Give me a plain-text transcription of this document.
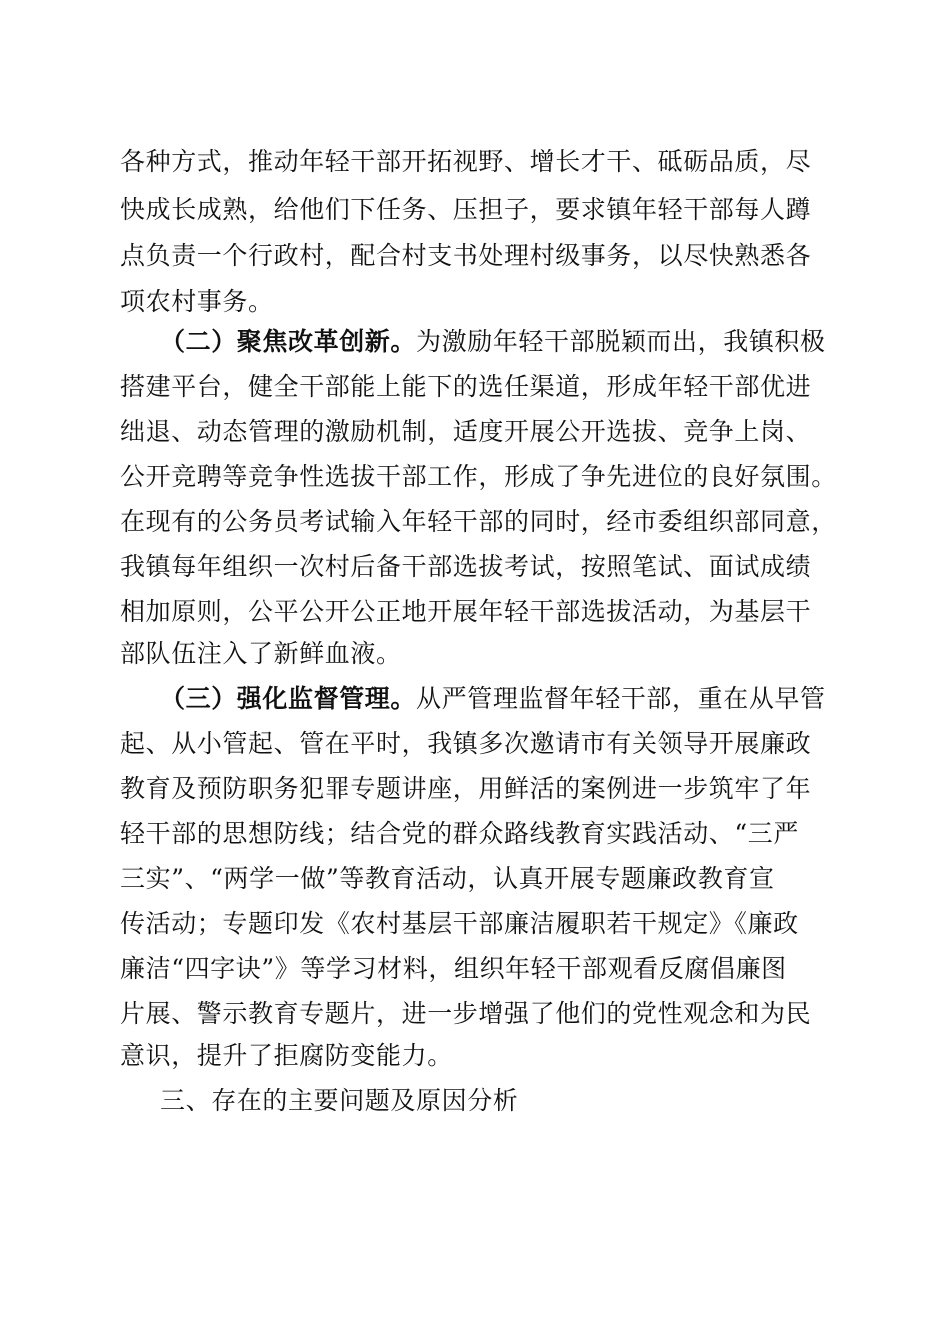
各种方式，推动年轻干部开拓视野、增长才干、砥砺品质，尽
快成长成熟，给他们下任务、压担子，要求镇年轻干部每人蹲
点负责一个行政村，配合村支书处理村级事务，以尽快熟悉各
项农村事务。
（二）聚焦改革创新。为激励年轻干部脱颖而出，我镇积极
搭建平台，健全干部能上能下的选任渠道，形成年轻干部优进
绌退、动态管理的激励机制，适度开展公开选拔、竞争上岗、
公开竞聘等竞争性选拔干部工作，形成了争先进位的良好氛围。
在现有的公务员考试输入年轻干部的同时，经市委组织部同意，
我镇每年组织一次村后备干部选拔考试，按照笔试、面试成绩
相加原则，公平公开公正地开展年轻干部选拔活动，为基层干
部队伍注入了新鲜血液。
（三）强化监督管理。从严管理监督年轻干部，重在从早管
起、从小管起、管在平时，我镇多次邀请市有关领导开展廉政
教育及预防职务犯罪专题讲座，用鲜活的案例进一步筑牢了年
轻干部的思想防线；结合党的群众路线教育实践活动、“三严
三实”、“两学一做”等教育活动，认真开展专题廉政教育宣
传活动；专题印发《农村基层干部廉洁履职若干规定》《廉政
廉洁“四字诀”》等学习材料，组织年轻干部观看反腐倡廉图
片展、警示教育专题片，进一步增强了他们的党性观念和为民
意识，提升了拒腐防变能力。
三、存在的主要问题及原因分析
